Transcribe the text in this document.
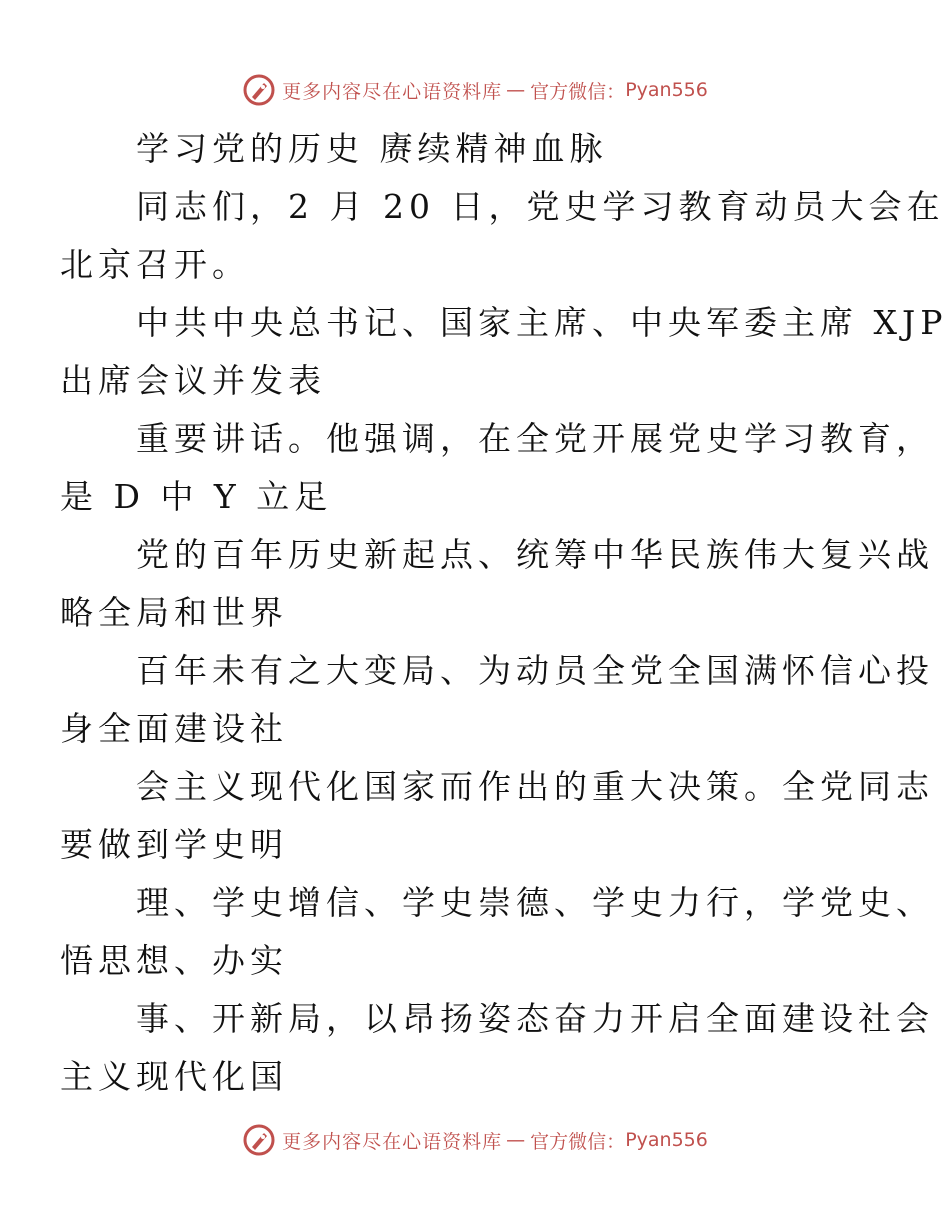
更多内容尽在心语资料库 — 官方微信： Pyan556

学习党的历史 赓续精神血脉

同志们，2 月 20 日，党史学习教育动员大会在
北京召开。

中共中央总书记、国家主席、中央军委主席 XJP
出席会议并发表

重要讲话。他强调，在全党开展党史学习教育，
是 D 中 Y 立足

党的百年历史新起点、统筹中华民族伟大复兴战
略全局和世界

百年未有之大变局、为动员全党全国满怀信心投
身全面建设社

会主义现代化国家而作出的重大决策。全党同志
要做到学史明

理、学史增信、学史崇德、学史力行，学党史、
悟思想、办实

事、开新局，以昂扬姿态奋力开启全面建设社会
主义现代化国

更多内容尽在心语资料库 — 官方微信： Pyan556
